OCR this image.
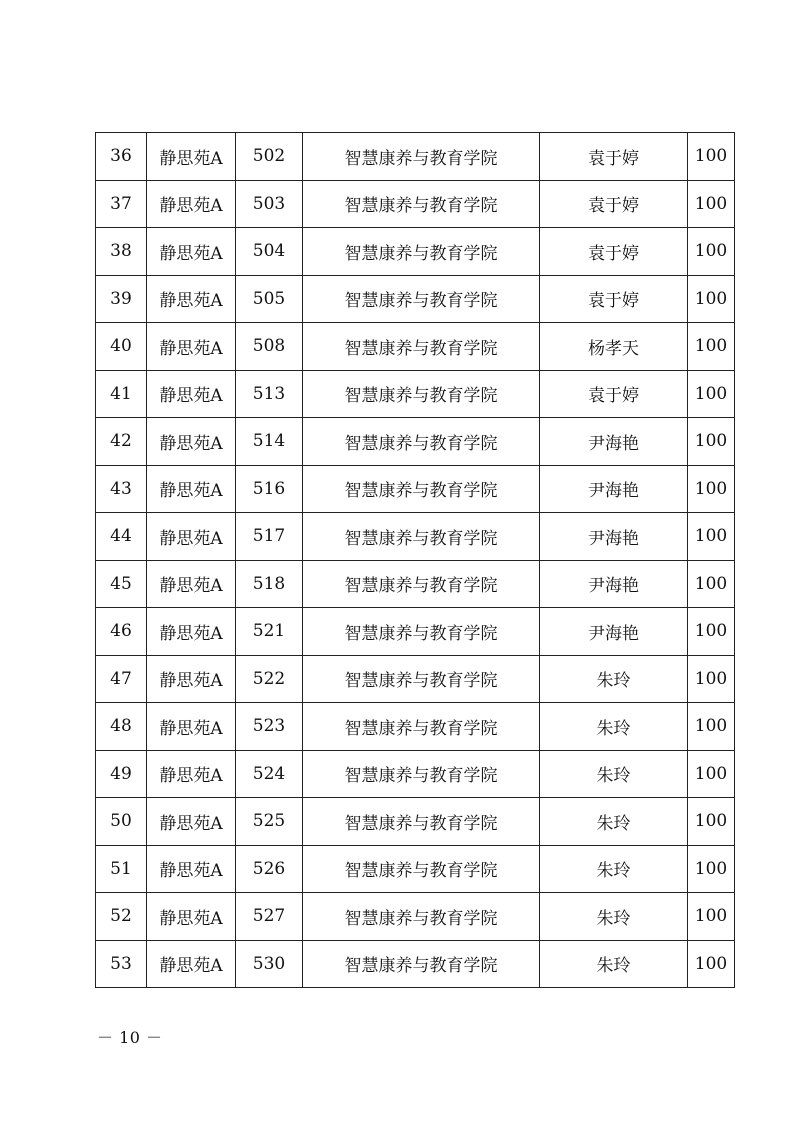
36	静思苑A	502	智慧康养与教育学院	袁于婷	100
37	静思苑A	503	智慧康养与教育学院	袁于婷	100
38	静思苑A	504	智慧康养与教育学院	袁于婷	100
39	静思苑A	505	智慧康养与教育学院	袁于婷	100
40	静思苑A	508	智慧康养与教育学院	杨孝天	100
41	静思苑A	513	智慧康养与教育学院	袁于婷	100
42	静思苑A	514	智慧康养与教育学院	尹海艳	100
43	静思苑A	516	智慧康养与教育学院	尹海艳	100
44	静思苑A	517	智慧康养与教育学院	尹海艳	100
45	静思苑A	518	智慧康养与教育学院	尹海艳	100
46	静思苑A	521	智慧康养与教育学院	尹海艳	100
47	静思苑A	522	智慧康养与教育学院	朱玲	100
48	静思苑A	523	智慧康养与教育学院	朱玲	100
49	静思苑A	524	智慧康养与教育学院	朱玲	100
50	静思苑A	525	智慧康养与教育学院	朱玲	100
51	静思苑A	526	智慧康养与教育学院	朱玲	100
52	静思苑A	527	智慧康养与教育学院	朱玲	100
53	静思苑A	530	智慧康养与教育学院	朱玲	100
－ 10 －
